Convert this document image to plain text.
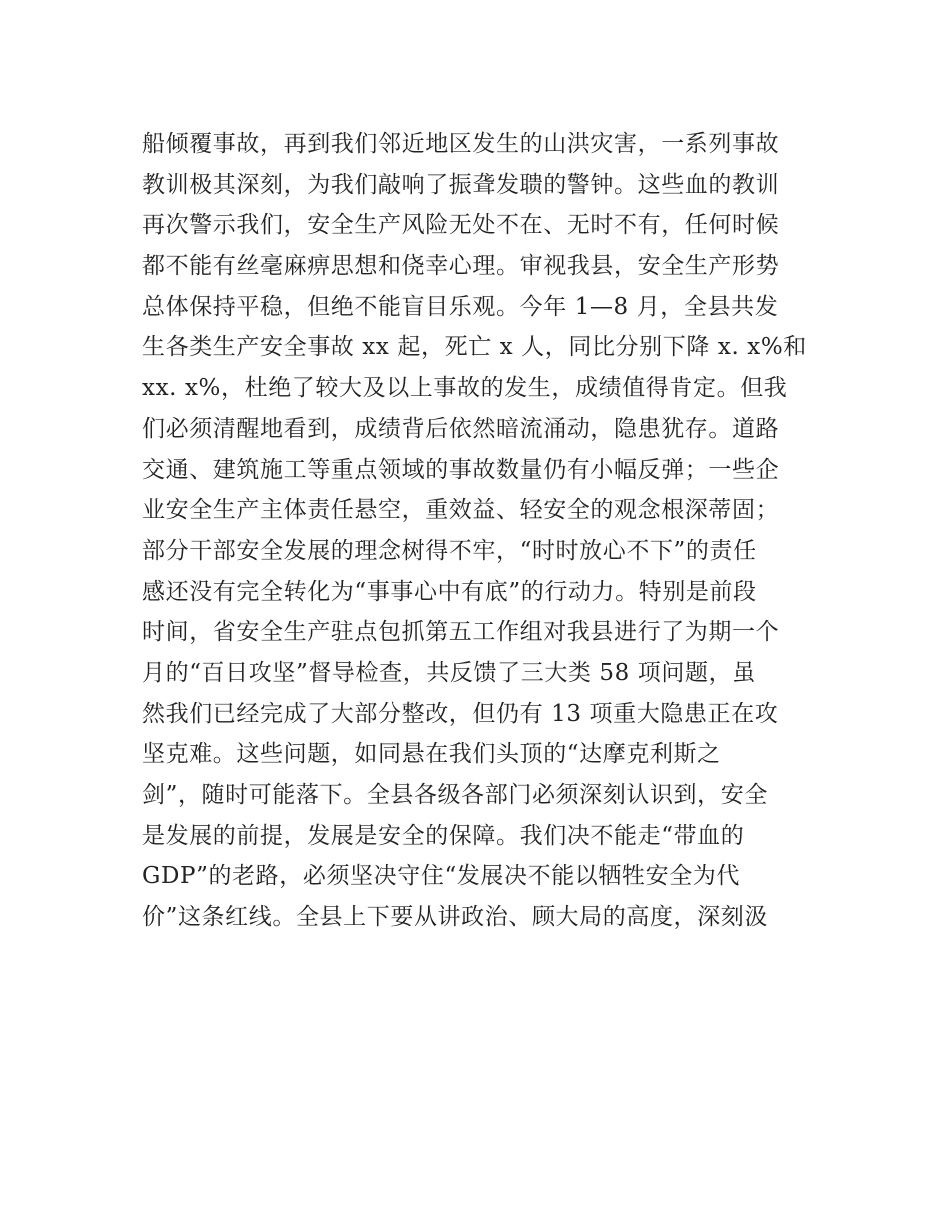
船倾覆事故，再到我们邻近地区发生的山洪灾害，一系列事故
教训极其深刻，为我们敲响了振聋发聩的警钟。这些血的教训
再次警示我们，安全生产风险无处不在、无时不有，任何时候
都不能有丝毫麻痹思想和侥幸心理。审视我县，安全生产形势
总体保持平稳，但绝不能盲目乐观。今年 1—8 月，全县共发
生各类生产安全事故 xx 起，死亡 x 人，同比分别下降 x. x%和
xx. x%，杜绝了较大及以上事故的发生，成绩值得肯定。但我
们必须清醒地看到，成绩背后依然暗流涌动，隐患犹存。道路
交通、建筑施工等重点领域的事故数量仍有小幅反弹；一些企
业安全生产主体责任悬空，重效益、轻安全的观念根深蒂固；
部分干部安全发展的理念树得不牢，“时时放心不下”的责任
感还没有完全转化为“事事心中有底”的行动力。特别是前段
时间，省安全生产驻点包抓第五工作组对我县进行了为期一个
月的“百日攻坚”督导检查，共反馈了三大类 58 项问题，虽
然我们已经完成了大部分整改，但仍有 13 项重大隐患正在攻
坚克难。这些问题，如同悬在我们头顶的“达摩克利斯之
剑”，随时可能落下。全县各级各部门必须深刻认识到，安全
是发展的前提，发展是安全的保障。我们决不能走“带血的
GDP”的老路，必须坚决守住“发展决不能以牺牲安全为代
价”这条红线。全县上下要从讲政治、顾大局的高度，深刻汲
